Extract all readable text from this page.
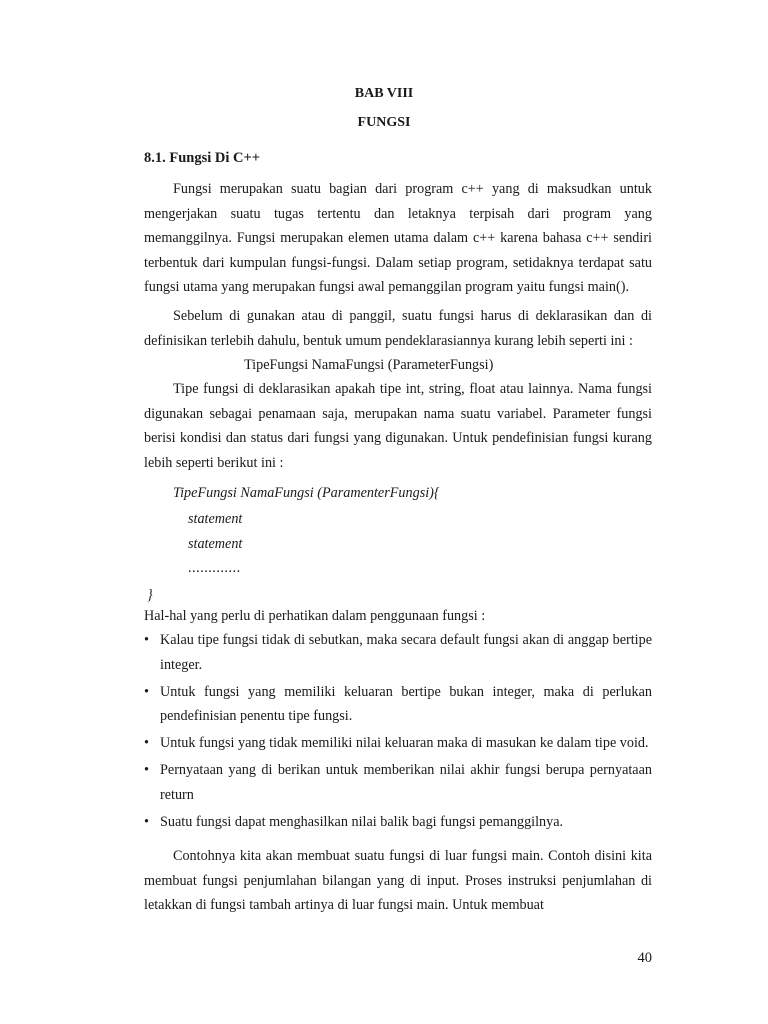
BAB VIII

FUNGSI

8.1. Fungsi Di C++

Fungsi merupakan suatu bagian dari program c++ yang di maksudkan untuk mengerjakan suatu tugas tertentu dan letaknya terpisah dari program yang memanggilnya. Fungsi merupakan elemen utama dalam c++ karena bahasa c++ sendiri terbentuk dari kumpulan fungsi-fungsi. Dalam setiap program, setidaknya terdapat satu fungsi utama yang merupakan fungsi awal pemanggilan program yaitu fungsi main().

Sebelum di gunakan atau di panggil, suatu fungsi harus di deklarasikan dan di definisikan terlebih dahulu, bentuk umum pendeklarasiannya kurang lebih seperti ini :

TipeFungsi NamaFungsi (ParameterFungsi)

Tipe fungsi di deklarasikan apakah tipe int, string, float atau lainnya. Nama fungsi digunakan sebagai penamaan saja, merupakan nama suatu variabel. Parameter fungsi berisi kondisi dan status dari fungsi yang digunakan. Untuk pendefinisian fungsi kurang lebih seperti berikut ini :

TipeFungsi NamaFungsi (ParamenterFungsi){

statement

statement

.............

}

Hal-hal yang perlu di perhatikan dalam penggunaan fungsi :

• Kalau tipe fungsi tidak di sebutkan, maka secara default fungsi akan di anggap bertipe integer.
• Untuk fungsi yang memiliki keluaran bertipe bukan integer, maka di perlukan pendefinisian penentu tipe fungsi.
• Untuk fungsi yang tidak memiliki nilai keluaran maka di masukan ke dalam tipe void.
• Pernyataan yang di berikan untuk memberikan nilai akhir fungsi berupa pernyataan return
• Suatu fungsi dapat menghasilkan nilai balik bagi fungsi pemanggilnya.

Contohnya kita akan membuat suatu fungsi di luar fungsi main. Contoh disini kita membuat fungsi penjumlahan bilangan yang di input. Proses instruksi penjumlahan di letakkan di fungsi tambah artinya di luar fungsi main. Untuk membuat

40
